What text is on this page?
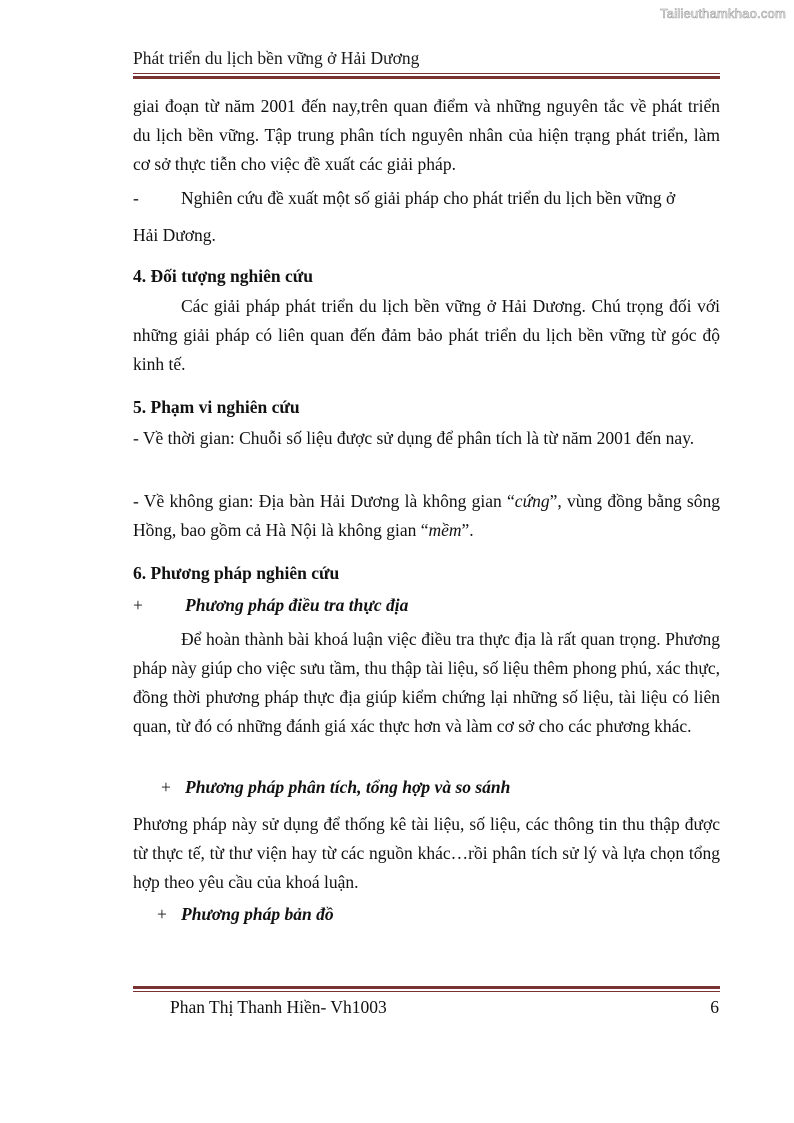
Tailieuthamkhao.com
Phát triển du lịch bền vững ở Hải Dương

giai đoạn từ năm 2001 đến nay,trên quan điểm và những nguyên tắc về phát triển du lịch bền vững. Tập trung phân tích nguyên nhân của hiện trạng phát triển, làm cơ sở thực tiễn cho việc đề xuất các giải pháp.

- Nghiên cứu đề xuất một số giải pháp cho phát triển du lịch bền vững ở

Hải Dương.

4. Đối tượng nghiên cứu

Các giải pháp phát triển du lịch bền vững ở Hải Dương. Chú trọng đối với những giải pháp có liên quan đến đảm bảo phát triển du lịch bền vững từ góc độ kinh tế.

5. Phạm vi nghiên cứu

- Về thời gian: Chuỗi số liệu được sử dụng để phân tích là từ năm 2001 đến nay.

- Về không gian: Địa bàn Hải Dương là không gian “cứng”, vùng đồng bằng sông Hồng, bao gồm cả Hà Nội là không gian “mềm”.

6. Phương pháp nghiên cứu

+ Phương pháp điều tra thực địa

Để hoàn thành bài khoá luận việc điều tra thực địa là rất quan trọng. Phương pháp này giúp cho việc sưu tầm, thu thập tài liệu, số liệu thêm phong phú, xác thực, đồng thời phương pháp thực địa giúp kiểm chứng lại những số liệu, tài liệu có liên quan, từ đó có những đánh giá xác thực hơn và làm cơ sở cho các phương khác.

+ Phương pháp phân tích, tổng hợp và so sánh

Phương pháp này sử dụng để thống kê tài liệu, số liệu, các thông tin thu thập được từ thực tế, từ thư viện hay từ các nguồn khác…rồi phân tích sử lý và lựa chọn tổng hợp theo yêu cầu của khoá luận.

+ Phương pháp bản đồ
Phan Thị Thanh Hiền- Vh1003	6
